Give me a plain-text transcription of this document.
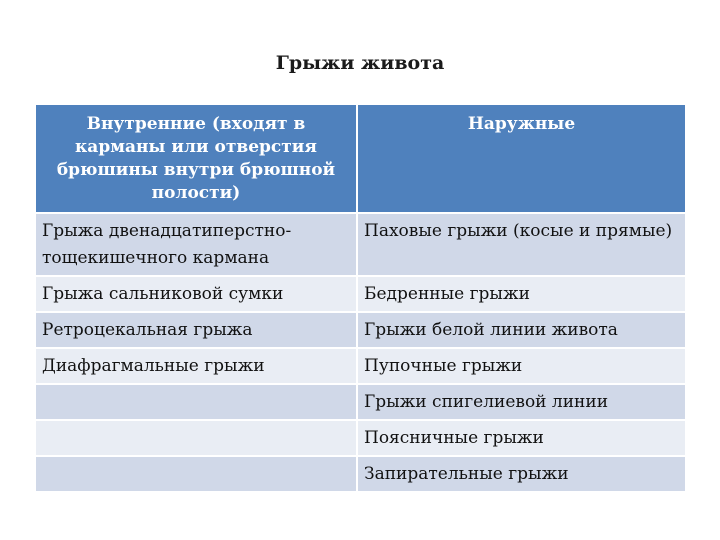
Грыжи живота
Внутренние (входят в карманы или отверстия брюшины внутри брюшной полости)	Наружные
Грыжа двенадцатиперстно-тощекишечного кармана	Паховые грыжи (косые и прямые)
Грыжа сальниковой сумки	Бедренные грыжи
Ретроцекальная грыжа	Грыжи белой линии живота
Диафрагмальные грыжи	Пупочные грыжи
	Грыжи спигелиевой линии
	Поясничные грыжи
	Запирательные грыжи
